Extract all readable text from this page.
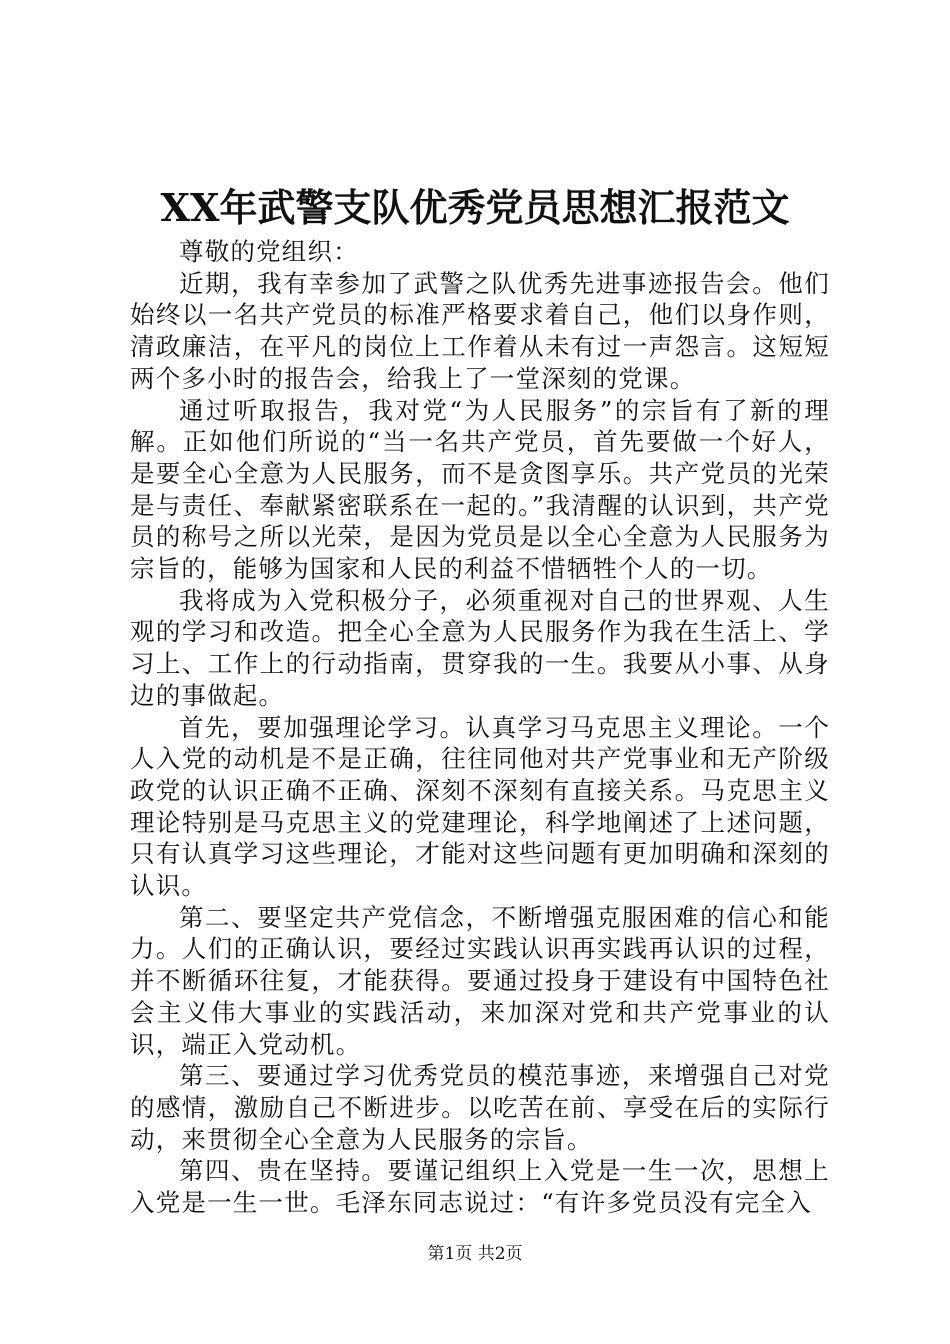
XX年武警支队优秀党员思想汇报范文

尊敬的党组织：

近期，我有幸参加了武警之队优秀先进事迹报告会。他们始终以一名共产党员的标准严格要求着自己，他们以身作则，清政廉洁，在平凡的岗位上工作着从未有过一声怨言。这短短两个多小时的报告会，给我上了一堂深刻的党课。

通过听取报告，我对党“为人民服务”的宗旨有了新的理解。正如他们所说的“当一名共产党员，首先要做一个好人，是要全心全意为人民服务，而不是贪图享乐。共产党员的光荣是与责任、奉献紧密联系在一起的。”我清醒的认识到，共产党员的称号之所以光荣，是因为党员是以全心全意为人民服务为宗旨的，能够为国家和人民的利益不惜牺牲个人的一切。

我将成为入党积极分子，必须重视对自己的世界观、人生观的学习和改造。把全心全意为人民服务作为我在生活上、学习上、工作上的行动指南，贯穿我的一生。我要从小事、从身边的事做起。

首先，要加强理论学习。认真学习马克思主义理论。一个人入党的动机是不是正确，往往同他对共产党事业和无产阶级政党的认识正确不正确、深刻不深刻有直接关系。马克思主义理论特别是马克思主义的党建理论，科学地阐述了上述问题，只有认真学习这些理论，才能对这些问题有更加明确和深刻的认识。

第二、要坚定共产党信念，不断增强克服困难的信心和能力。人们的正确认识，要经过实践认识再实践再认识的过程，并不断循环往复，才能获得。要通过投身于建设有中国特色社会主义伟大事业的实践活动，来加深对党和共产党事业的认识，端正入党动机。

第三、要通过学习优秀党员的模范事迹，来增强自己对党的感情，激励自己不断进步。以吃苦在前、享受在后的实际行动，来贯彻全心全意为人民服务的宗旨。

第四、贵在坚持。要谨记组织上入党是一生一次，思想上入党是一生一世。毛泽东同志说过：“有许多党员没有完全入

第1页 共2页
